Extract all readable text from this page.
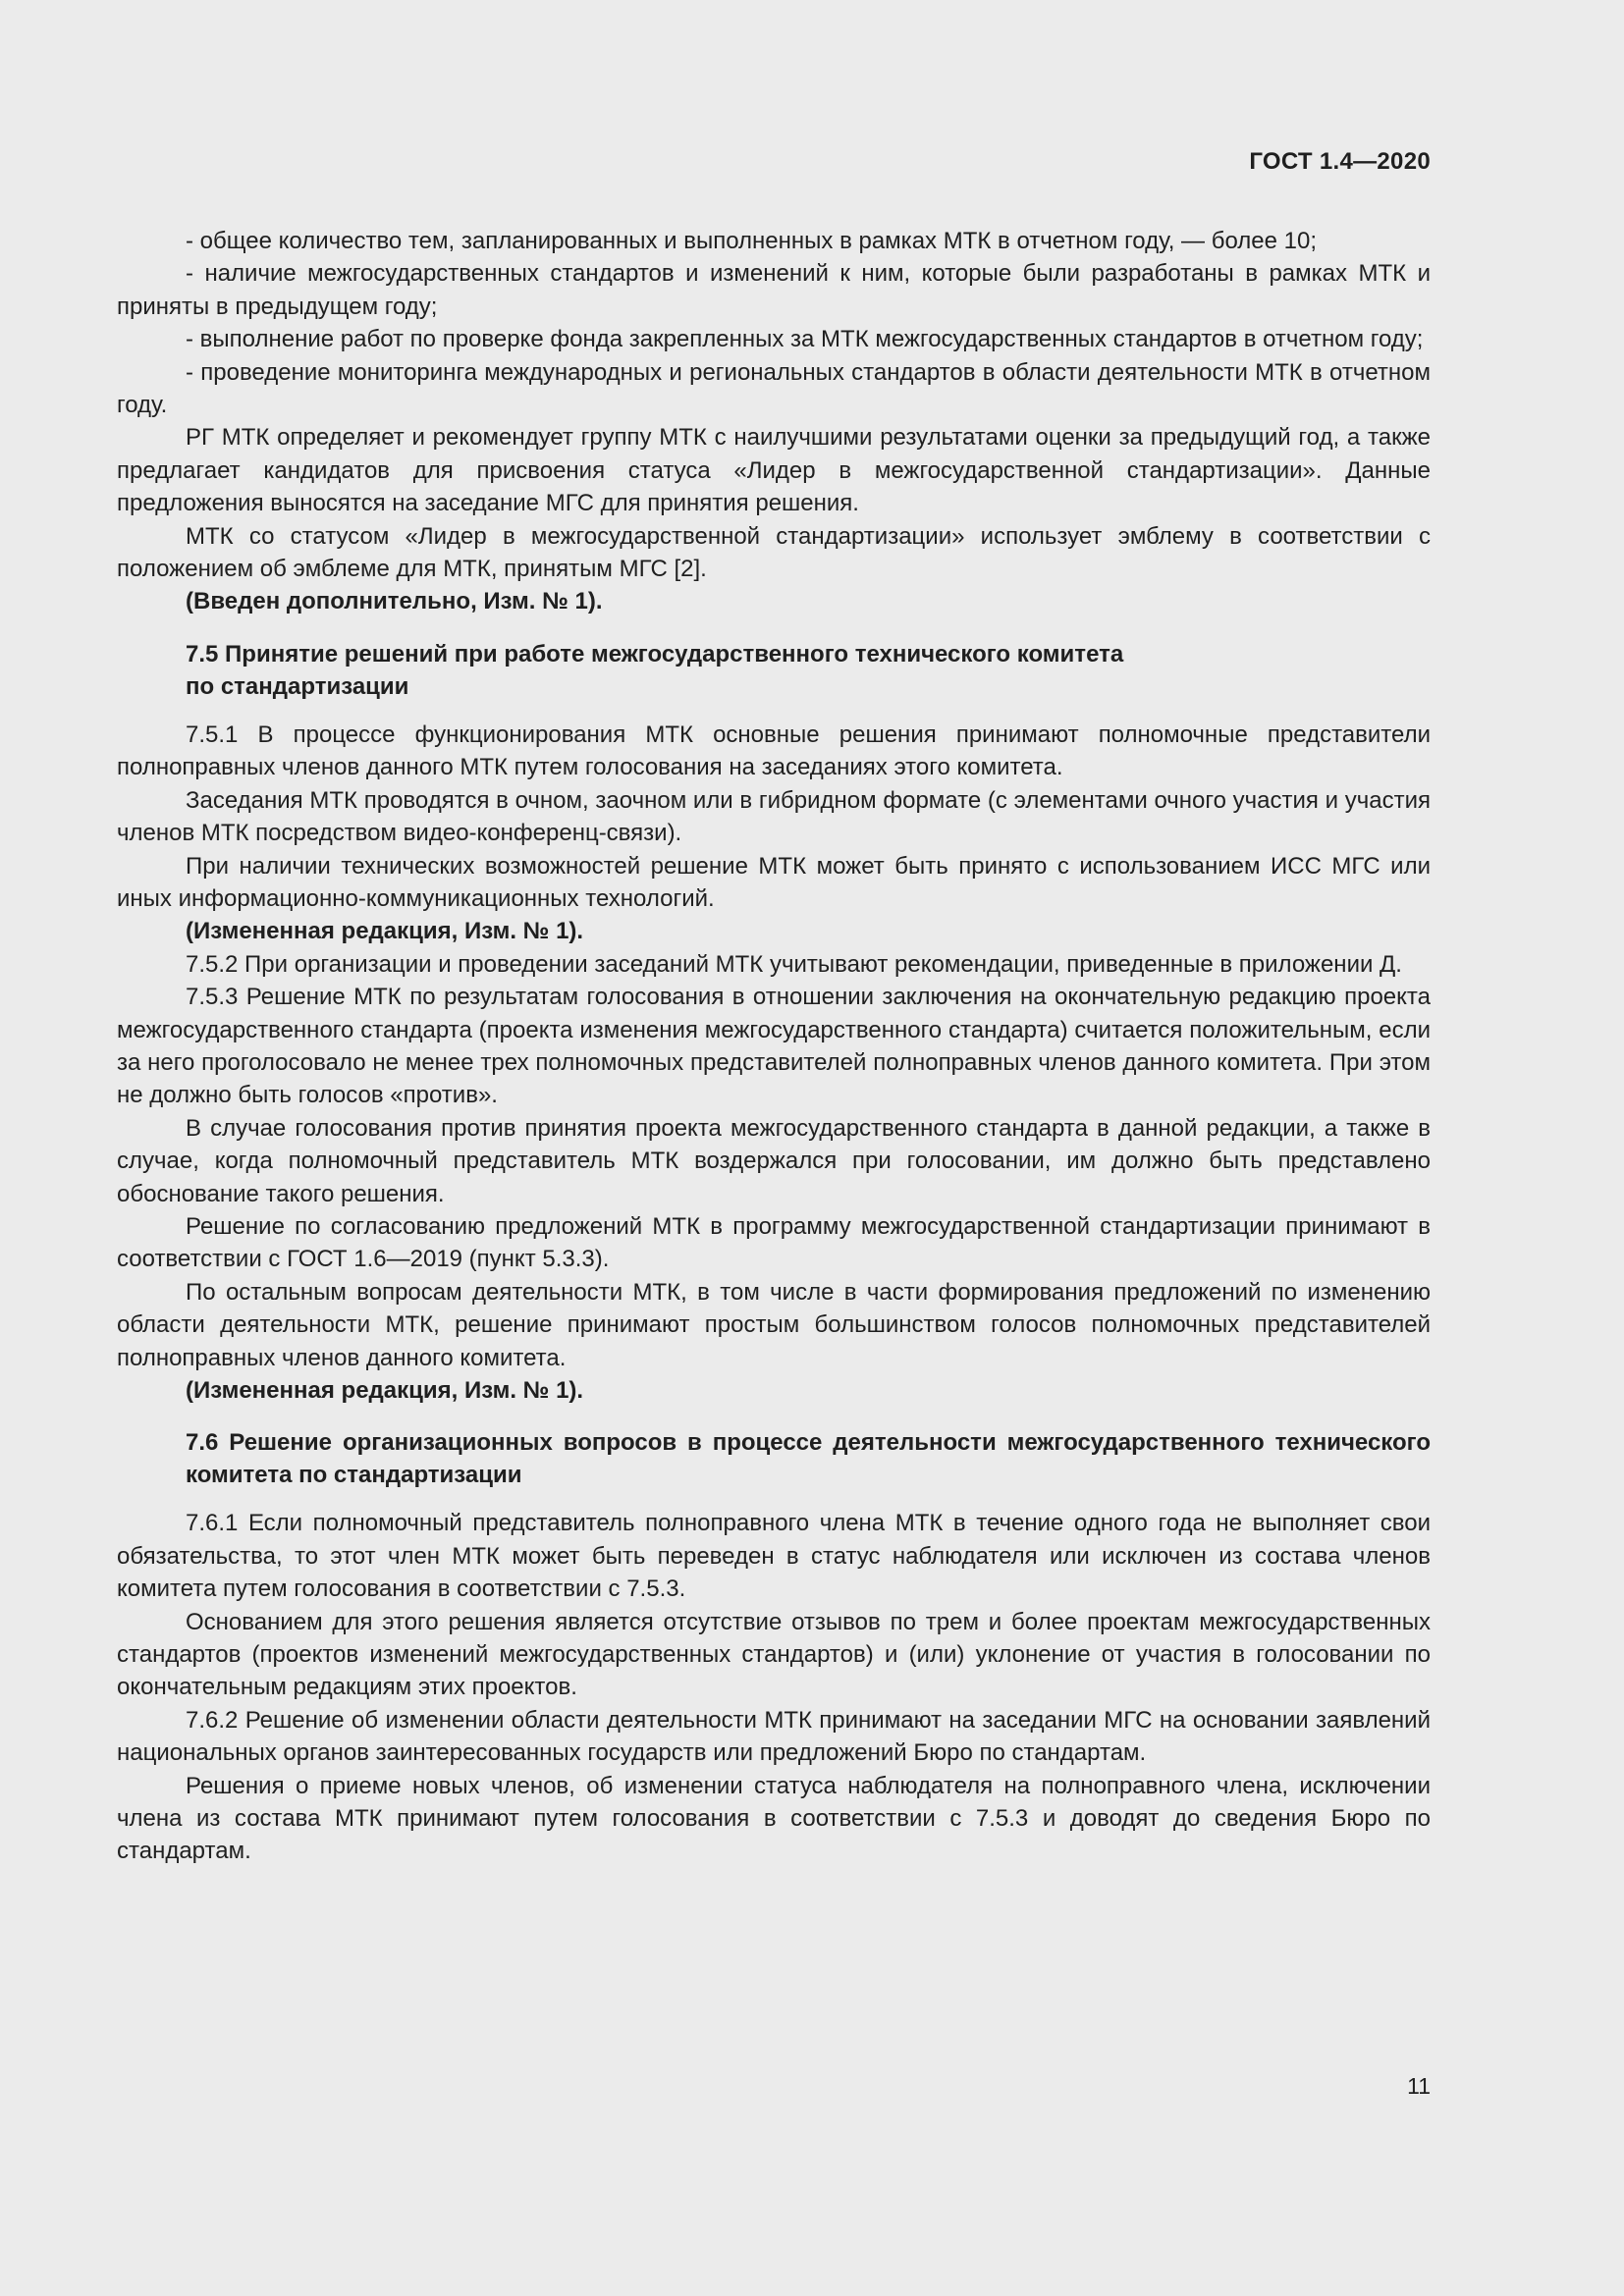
ГОСТ 1.4—2020

- общее количество тем, запланированных и выполненных в рамках МТК в отчетном году, — более 10;

- наличие межгосударственных стандартов и изменений к ним, которые были разработаны в рамках МТК и приняты в предыдущем году;

- выполнение работ по проверке фонда закрепленных за МТК межгосударственных стандартов в отчетном году;

- проведение мониторинга международных и региональных стандартов в области деятельности МТК в отчетном году.

РГ МТК определяет и рекомендует группу МТК с наилучшими результатами оценки за предыдущий год, а также предлагает кандидатов для присвоения статуса «Лидер в межгосударственной стандартизации». Данные предложения выносятся на заседание МГС для принятия решения.

МТК со статусом «Лидер в межгосударственной стандартизации» использует эмблему в соответствии с положением об эмблеме для МТК, принятым МГС [2].

(Введен дополнительно, Изм. № 1).

7.5 Принятие решений при работе межгосударственного технического комитета
по стандартизации

7.5.1 В процессе функционирования МТК основные решения принимают полномочные представители полноправных членов данного МТК путем голосования на заседаниях этого комитета.

Заседания МТК проводятся в очном, заочном или в гибридном формате (с элементами очного участия и участия членов МТК посредством видео-конференц-связи).

При наличии технических возможностей решение МТК может быть принято с использованием ИСС МГС или иных информационно-коммуникационных технологий.

(Измененная редакция, Изм. № 1).

7.5.2 При организации и проведении заседаний МТК учитывают рекомендации, приведенные в приложении Д.

7.5.3 Решение МТК по результатам голосования в отношении заключения на окончательную редакцию проекта межгосударственного стандарта (проекта изменения межгосударственного стандарта) считается положительным, если за него проголосовало не менее трех полномочных представителей полноправных членов данного комитета. При этом не должно быть голосов «против».

В случае голосования против принятия проекта межгосударственного стандарта в данной редакции, а также в случае, когда полномочный представитель МТК воздержался при голосовании, им должно быть представлено обоснование такого решения.

Решение по согласованию предложений МТК в программу межгосударственной стандартизации принимают в соответствии с ГОСТ 1.6—2019 (пункт 5.3.3).

По остальным вопросам деятельности МТК, в том числе в части формирования предложений по изменению области деятельности МТК, решение принимают простым большинством голосов полномочных представителей полноправных членов данного комитета.

(Измененная редакция, Изм. № 1).

7.6 Решение организационных вопросов в процессе деятельности межгосударственного технического комитета по стандартизации

7.6.1 Если полномочный представитель полноправного члена МТК в течение одного года не выполняет свои обязательства, то этот член МТК может быть переведен в статус наблюдателя или исключен из состава членов комитета путем голосования в соответствии с 7.5.3.

Основанием для этого решения является отсутствие отзывов по трем и более проектам межгосударственных стандартов (проектов изменений межгосударственных стандартов) и (или) уклонение от участия в голосовании по окончательным редакциям этих проектов.

7.6.2 Решение об изменении области деятельности МТК принимают на заседании МГС на основании заявлений национальных органов заинтересованных государств или предложений Бюро по стандартам.

Решения о приеме новых членов, об изменении статуса наблюдателя на полноправного члена, исключении члена из состава МТК принимают путем голосования в соответствии с 7.5.3 и доводят до сведения Бюро по стандартам.

11
